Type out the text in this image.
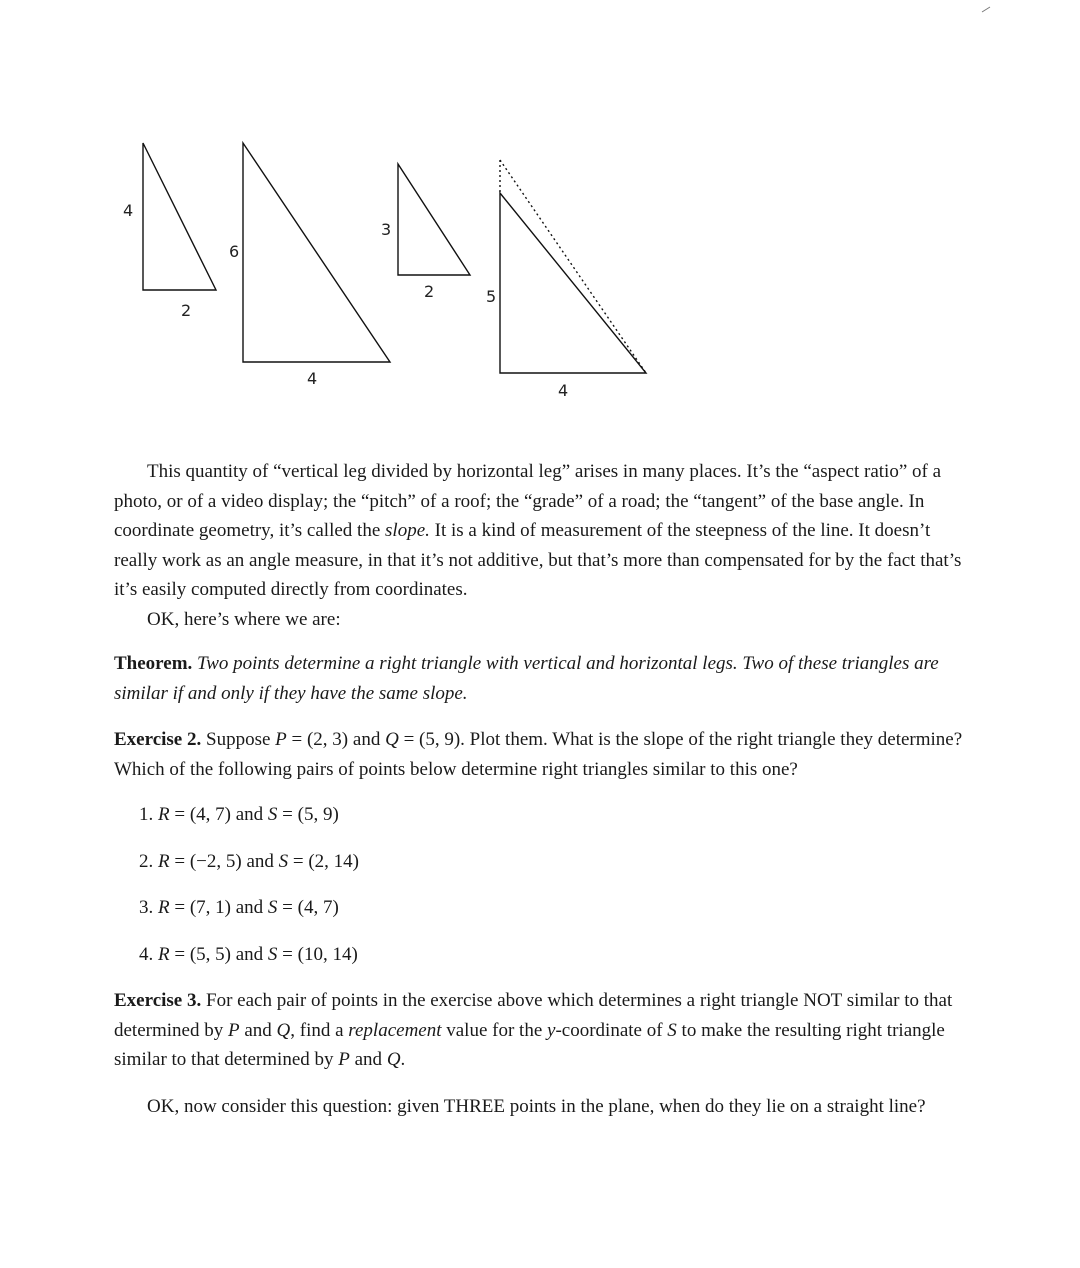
4
2
6
4
3
2	5
4

This quantity of “vertical leg divided by horizontal leg” arises in many places. It’s the “aspect ratio” of a photo, or of a video display; the “pitch” of a roof; the “grade” of a road; the “tangent” of the base angle. In coordinate geometry, it’s called the slope. It is a kind of measurement of the steepness of the line. It doesn’t really work as an angle measure, in that it’s not additive, but that’s more than compensated for by the fact that’s it’s easily computed directly from coordinates.

OK, here’s where we are:

Theorem. Two points determine a right triangle with vertical and horizontal legs. Two of these triangles are similar if and only if they have the same slope.

Exercise 2. Suppose P = (2, 3) and Q = (5, 9). Plot them. What is the slope of the right triangle they determine? Which of the following pairs of points below determine right triangles similar to this one?

1. R = (4, 7) and S = (5, 9)
2. R = (−2, 5) and S = (2, 14)
3. R = (7, 1) and S = (4, 7)
4. R = (5, 5) and S = (10, 14)

Exercise 3. For each pair of points in the exercise above which determines a right triangle NOT similar to that determined by P and Q, find a replacement value for the y-coordinate of S to make the resulting right triangle similar to that determined by P and Q.

OK, now consider this question: given THREE points in the plane, when do they lie on a straight line?
